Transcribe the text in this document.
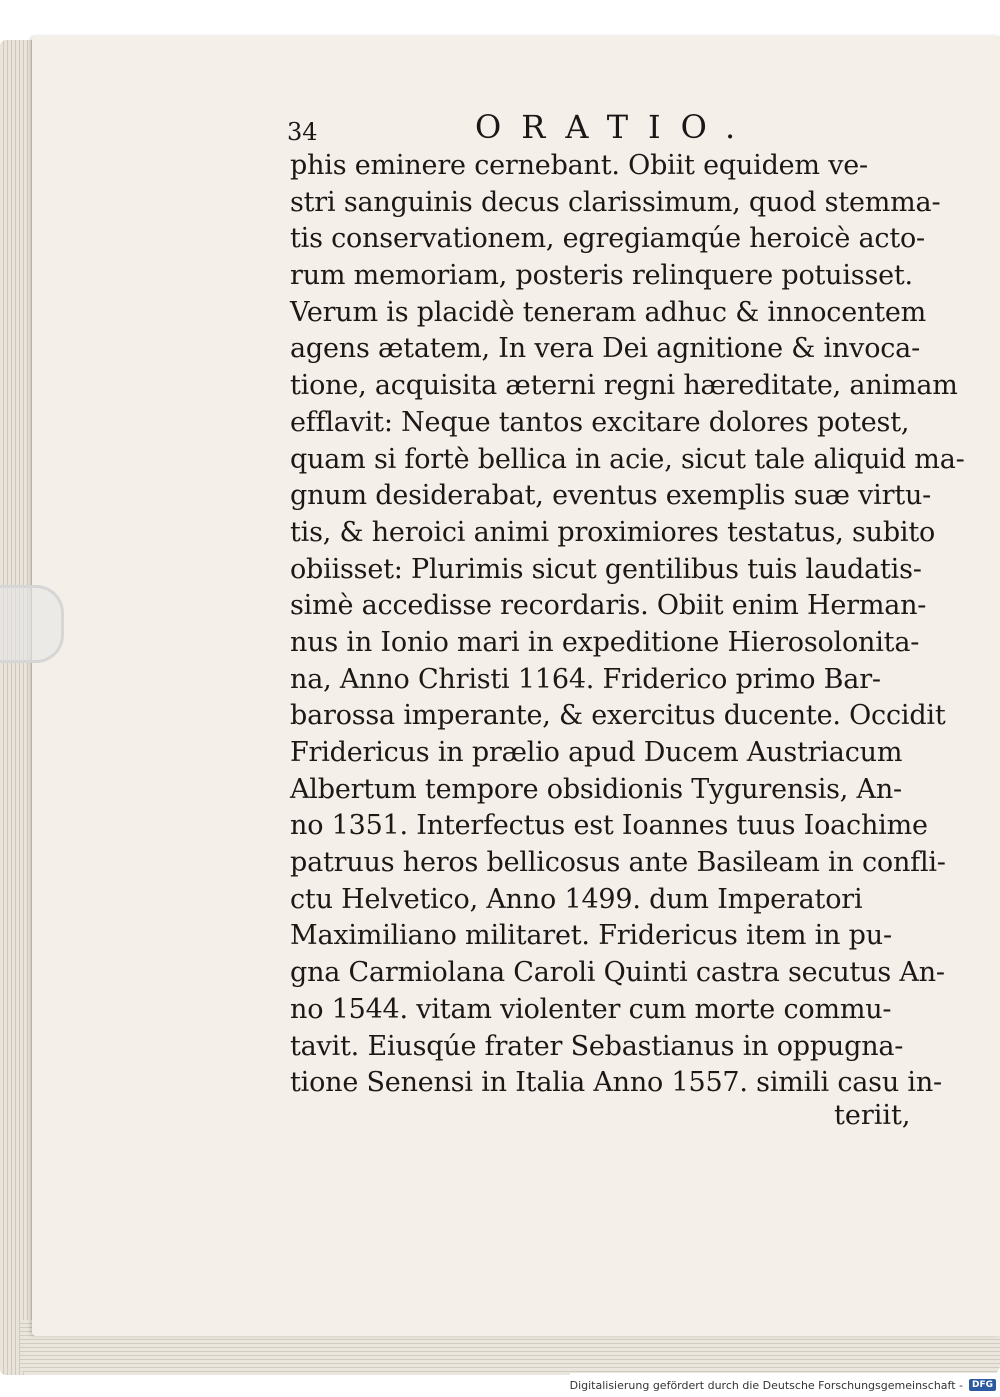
34	ORATIO.
phis eminere cernebant. Obiit equidem ve-
stri sanguinis decus clarissimum, quod stemma-
tis conservationem, egregiamqúe heroicè acto-
rum memoriam, posteris relinquere potuisset.
Verum is placidè teneram adhuc & innocentem
agens ætatem, In vera Dei agnitione & invoca-
tione, acquisita æterni regni hæreditate, animam
efflavit: Neque tantos excitare dolores potest,
quam si fortè bellica in acie, sicut tale aliquid ma-
gnum desiderabat, eventus exemplis suæ virtu-
tis, & heroici animi proximiores testatus, subito
obiisset: Plurimis sicut gentilibus tuis laudatis-
simè accedisse recordaris. Obiit enim Herman-
nus in Ionio mari in expeditione Hierosolonita-
na, Anno Christi 1164. Friderico primo Bar-
barossa imperante, & exercitus ducente. Occidit
Fridericus in prælio apud Ducem Austriacum
Albertum tempore obsidionis Tygurensis, An-
no 1351. Interfectus est Ioannes tuus Ioachime
patruus heros bellicosus ante Basileam in confli-
ctu Helvetico, Anno 1499. dum Imperatori
Maximiliano militaret. Fridericus item in pu-
gna Carmiolana Caroli Quinti castra secutus An-
no 1544. vitam violenter cum morte commu-
tavit. Eiusqúe frater Sebastianus in oppugna-
tione Senensi in Italia Anno 1557. simili casu in-
teriit,
Digitalisierung gefördert durch die Deutsche Forschungsgemeinschaft -	DFG
